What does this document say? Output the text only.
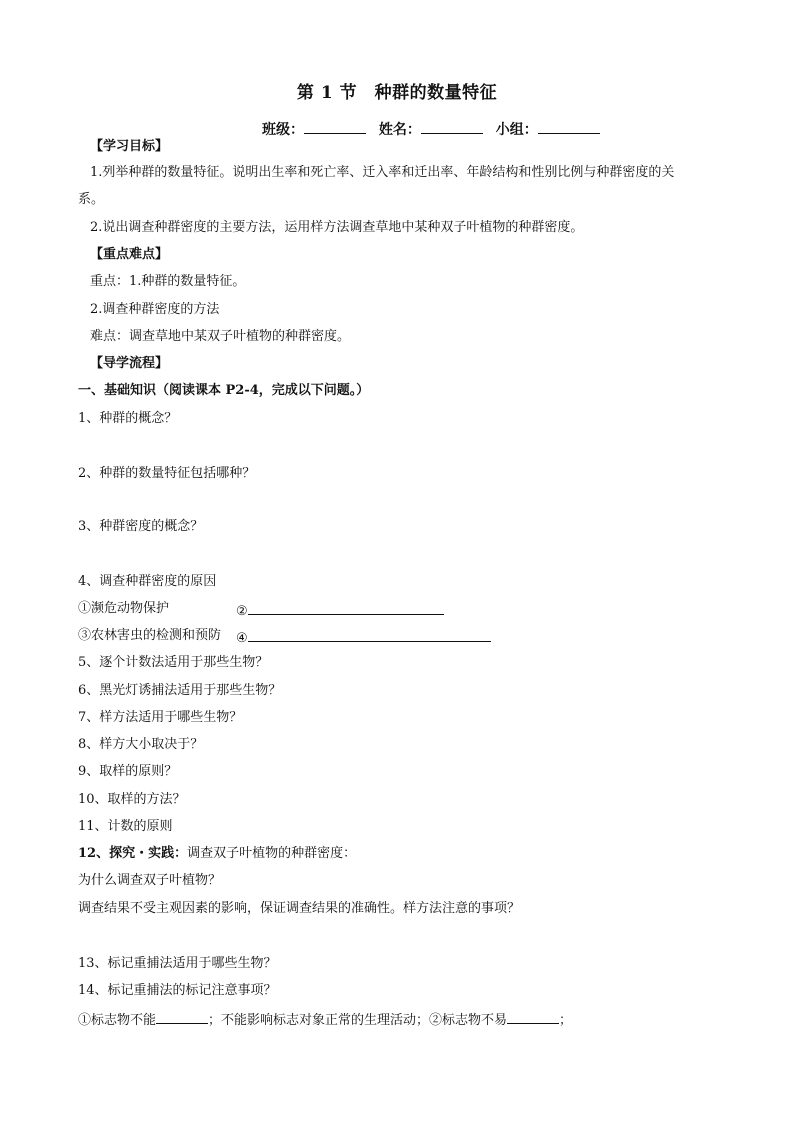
第 1 节　种群的数量特征
班级：	姓名：	小组：
【学习目标】
1.列举种群的数量特征。说明出生率和死亡率、迁入率和迁出率、年龄结构和性别比例与种群密度的关
系。
2.说出调查种群密度的主要方法，运用样方法调查草地中某种双子叶植物的种群密度。
【重点难点】
重点：1.种群的数量特征。
2.调查种群密度的方法
难点：调查草地中某双子叶植物的种群密度。
【导学流程】
一、基础知识（阅读课本 P2-4，完成以下问题。）
1、种群的概念？
2、种群的数量特征包括哪种？
3、种群密度的概念？
4、调查种群密度的原因
①濒危动物保护	②
③农林害虫的检测和预防 ④
5、逐个计数法适用于那些生物？
6、黑光灯诱捕法适用于那些生物？
7、样方法适用于哪些生物？
8、样方大小取决于？
9、取样的原则？
10、取样的方法？
11、计数的原则
12、探究・实践：调查双子叶植物的种群密度：
为什么调查双子叶植物？
调查结果不受主观因素的影响，保证调查结果的准确性。样方法注意的事项？
13、标记重捕法适用于哪些生物？
14、标记重捕法的标记注意事项？
①标志物不能	；不能影响标志对象正常的生理活动；②标志物不易	；
